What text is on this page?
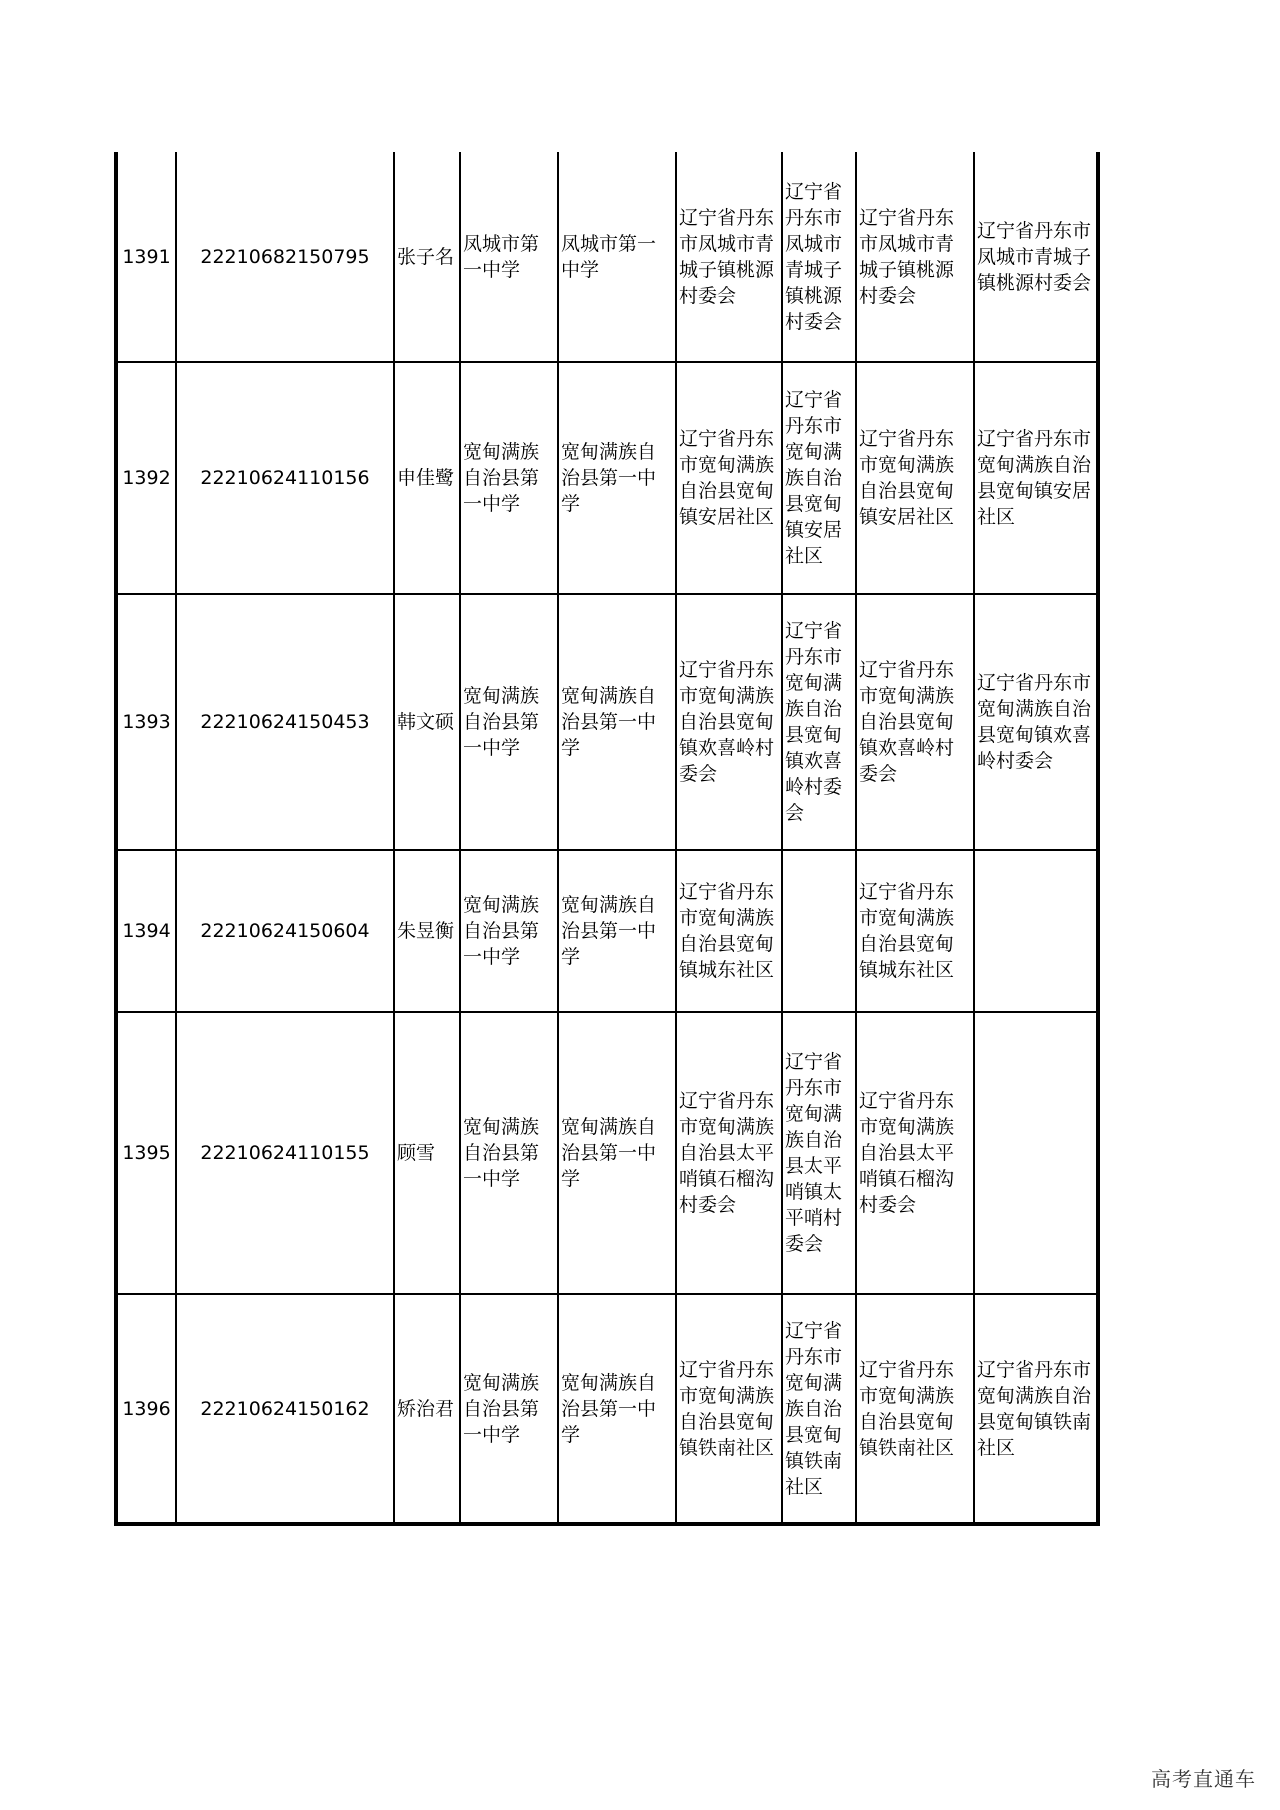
1391	22210682150795	张子名	凤城市第一中学	凤城市第一中学	辽宁省丹东市凤城市青城子镇桃源村委会	辽宁省丹东市凤城市青城子镇桃源村委会	辽宁省丹东市凤城市青城子镇桃源村委会	辽宁省丹东市凤城市青城子镇桃源村委会
1392	22210624110156	申佳鹭	宽甸满族自治县第一中学	宽甸满族自治县第一中学	辽宁省丹东市宽甸满族自治县宽甸镇安居社区	辽宁省丹东市宽甸满族自治县宽甸镇安居社区	辽宁省丹东市宽甸满族自治县宽甸镇安居社区	辽宁省丹东市宽甸满族自治县宽甸镇安居社区
1393	22210624150453	韩文硕	宽甸满族自治县第一中学	宽甸满族自治县第一中学	辽宁省丹东市宽甸满族自治县宽甸镇欢喜岭村委会	辽宁省丹东市宽甸满族自治县宽甸镇欢喜岭村委会	辽宁省丹东市宽甸满族自治县宽甸镇欢喜岭村委会	辽宁省丹东市宽甸满族自治县宽甸镇欢喜岭村委会
1394	22210624150604	朱昱衡	宽甸满族自治县第一中学	宽甸满族自治县第一中学	辽宁省丹东市宽甸满族自治县宽甸镇城东社区		辽宁省丹东市宽甸满族自治县宽甸镇城东社区	
1395	22210624110155	顾雪	宽甸满族自治县第一中学	宽甸满族自治县第一中学	辽宁省丹东市宽甸满族自治县太平哨镇石榴沟村委会	辽宁省丹东市宽甸满族自治县太平哨镇太平哨村委会	辽宁省丹东市宽甸满族自治县太平哨镇石榴沟村委会	
1396	22210624150162	矫治君	宽甸满族自治县第一中学	宽甸满族自治县第一中学	辽宁省丹东市宽甸满族自治县宽甸镇铁南社区	辽宁省丹东市宽甸满族自治县宽甸镇铁南社区	辽宁省丹东市宽甸满族自治县宽甸镇铁南社区	辽宁省丹东市宽甸满族自治县宽甸镇铁南社区
高考直通车
